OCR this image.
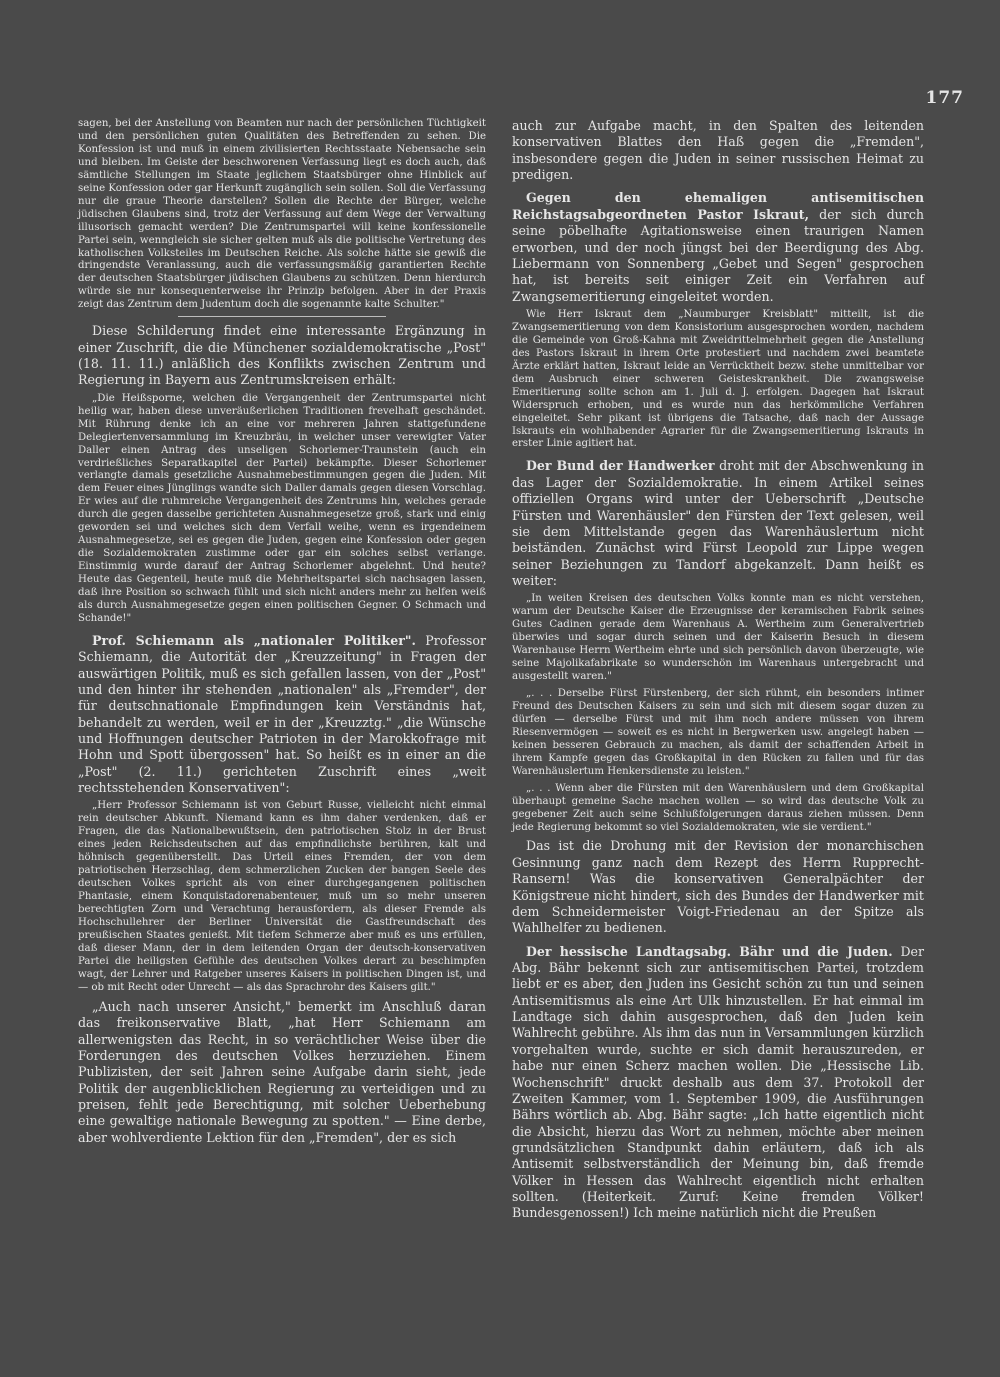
177

sagen, bei der Anstellung von Beamten nur nach der persönlichen Tüchtigkeit und den persönlichen guten Qualitäten des Betreffenden zu sehen. Die Konfession ist und muß in einem zivilisierten Rechtsstaate Nebensache sein und bleiben. Im Geiste der beschworenen Verfassung liegt es doch auch, daß sämtliche Stellungen im Staate jeglichem Staatsbürger ohne Hinblick auf seine Konfession oder gar Herkunft zugänglich sein sollen. Soll die Verfassung nur die graue Theorie darstellen? Sollen die Rechte der Bürger, welche jüdischen Glaubens sind, trotz der Verfassung auf dem Wege der Verwaltung illusorisch gemacht werden? Die Zentrumspartei will keine konfessionelle Partei sein, wenngleich sie sicher gelten muß als die politische Vertretung des katholischen Volksteiles im Deutschen Reiche. Als solche hätte sie gewiß die dringendste Veranlassung, auch die verfassungsmäßig garantierten Rechte der deutschen Staatsbürger jüdischen Glaubens zu schützen. Denn hierdurch würde sie nur konsequenterweise ihr Prinzip befolgen. Aber in der Praxis zeigt das Zentrum dem Judentum doch die sogenannte kalte Schulter."

Diese Schilderung findet eine interessante Ergänzung in einer Zuschrift, die die Münchener sozialdemokratische „Post" (18. 11. 11.) anläßlich des Konflikts zwischen Zentrum und Regierung in Bayern aus Zentrumskreisen erhält:

„Die Heißsporne, welchen die Vergangenheit der Zentrumspartei nicht heilig war, haben diese unveräußerlichen Traditionen frevelhaft geschändet. Mit Rührung denke ich an eine vor mehreren Jahren stattgefundene Delegiertenversammlung im Kreuzbräu, in welcher unser verewigter Vater Daller einen Antrag des unseligen Schorlemer-Traunstein (auch ein verdrießliches Separatkapitel der Partei) bekämpfte. Dieser Schorlemer verlangte damals gesetzliche Ausnahmebestimmungen gegen die Juden. Mit dem Feuer eines Jünglings wandte sich Daller damals gegen diesen Vorschlag. Er wies auf die ruhmreiche Vergangenheit des Zentrums hin, welches gerade durch die gegen dasselbe gerichteten Ausnahmegesetze groß, stark und einig geworden sei und welches sich dem Verfall weihe, wenn es irgendeinem Ausnahmegesetze, sei es gegen die Juden, gegen eine Konfession oder gegen die Sozialdemokraten zustimme oder gar ein solches selbst verlange. Einstimmig wurde darauf der Antrag Schorlemer abgelehnt. Und heute? Heute das Gegenteil, heute muß die Mehrheitspartei sich nachsagen lassen, daß ihre Position so schwach fühlt und sich nicht anders mehr zu helfen weiß als durch Ausnahmegesetze gegen einen politischen Gegner. O Schmach und Schande!"

Prof. Schiemann als „nationaler Politiker". Professor Schiemann, die Autorität der „Kreuzzeitung" in Fragen der auswärtigen Politik, muß es sich gefallen lassen, von der „Post" und den hinter ihr stehenden „nationalen" als „Fremder", der für deutschnationale Empfindungen kein Verständnis hat, behandelt zu werden, weil er in der „Kreuzztg." „die Wünsche und Hoffnungen deutscher Patrioten in der Marokkofrage mit Hohn und Spott übergossen" hat. So heißt es in einer an die „Post" (2. 11.) gerichteten Zuschrift eines „weit rechtsstehenden Konservativen":

„Herr Professor Schiemann ist von Geburt Russe, vielleicht nicht einmal rein deutscher Abkunft. Niemand kann es ihm daher verdenken, daß er Fragen, die das Nationalbewußtsein, den patriotischen Stolz in der Brust eines jeden Reichsdeutschen auf das empfindlichste berühren, kalt und höhnisch gegenüberstellt. Das Urteil eines Fremden, der von dem patriotischen Herzschlag, dem schmerzlichen Zucken der bangen Seele des deutschen Volkes spricht als von einer durchgegangenen politischen Phantasie, einem Konquistadorenabenteuer, muß um so mehr unseren berechtigten Zorn und Verachtung herausfordern, als dieser Fremde als Hochschullehrer der Berliner Universität die Gastfreundschaft des preußischen Staates genießt. Mit tiefem Schmerze aber muß es uns erfüllen, daß dieser Mann, der in dem leitenden Organ der deutsch-konservativen Partei die heiligsten Gefühle des deutschen Volkes derart zu beschimpfen wagt, der Lehrer und Ratgeber unseres Kaisers in politischen Dingen ist, und — ob mit Recht oder Unrecht — als das Sprachrohr des Kaisers gilt."

„Auch nach unserer Ansicht," bemerkt im Anschluß daran das freikonservative Blatt, „hat Herr Schiemann am allerwenigsten das Recht, in so verächtlicher Weise über die Forderungen des deutschen Volkes herzuziehen. Einem Publizisten, der seit Jahren seine Aufgabe darin sieht, jede Politik der augenblicklichen Regierung zu verteidigen und zu preisen, fehlt jede Berechtigung, mit solcher Ueberhebung eine gewaltige nationale Bewegung zu spotten." — Eine derbe, aber wohlverdiente Lektion für den „Fremden", der es sich

auch zur Aufgabe macht, in den Spalten des leitenden konservativen Blattes den Haß gegen die „Fremden", insbesondere gegen die Juden in seiner russischen Heimat zu predigen.

Gegen den ehemaligen antisemitischen Reichstagsabgeordneten Pastor Iskraut, der sich durch seine pöbelhafte Agitationsweise einen traurigen Namen erworben, und der noch jüngst bei der Beerdigung des Abg. Liebermann von Sonnenberg „Gebet und Segen" gesprochen hat, ist bereits seit einiger Zeit ein Verfahren auf Zwangsemeritierung eingeleitet worden.

Wie Herr Iskraut dem „Naumburger Kreisblatt" mitteilt, ist die Zwangsemeritierung von dem Konsistorium ausgesprochen worden, nachdem die Gemeinde von Groß-Kahna mit Zweidrittelmehrheit gegen die Anstellung des Pastors Iskraut in ihrem Orte protestiert und nachdem zwei beamtete Ärzte erklärt hatten, Iskraut leide an Verrücktheit bezw. stehe unmittelbar vor dem Ausbruch einer schweren Geisteskrankheit. Die zwangsweise Emeritierung sollte schon am 1. Juli d. J. erfolgen. Dagegen hat Iskraut Widerspruch erhoben, und es wurde nun das herkömmliche Verfahren eingeleitet. Sehr pikant ist übrigens die Tatsache, daß nach der Aussage Iskrauts ein wohlhabender Agrarier für die Zwangsemeritierung Iskrauts in erster Linie agitiert hat.

Der Bund der Handwerker droht mit der Abschwenkung in das Lager der Sozialdemokratie. In einem Artikel seines offiziellen Organs wird unter der Ueberschrift „Deutsche Fürsten und Warenhäusler" den Fürsten der Text gelesen, weil sie dem Mittelstande gegen das Warenhäuslertum nicht beiständen. Zunächst wird Fürst Leopold zur Lippe wegen seiner Beziehungen zu Tandorf abgekanzelt. Dann heißt es weiter:

„In weiten Kreisen des deutschen Volks konnte man es nicht verstehen, warum der Deutsche Kaiser die Erzeugnisse der keramischen Fabrik seines Gutes Cadinen gerade dem Warenhaus A. Wertheim zum Generalvertrieb überwies und sogar durch seinen und der Kaiserin Besuch in diesem Warenhause Herrn Wertheim ehrte und sich persönlich davon überzeugte, wie seine Majolikafabrikate so wunderschön im Warenhaus untergebracht und ausgestellt waren."

„. . . Derselbe Fürst Fürstenberg, der sich rühmt, ein besonders intimer Freund des Deutschen Kaisers zu sein und sich mit diesem sogar duzen zu dürfen — derselbe Fürst und mit ihm noch andere müssen von ihrem Riesenvermögen — soweit es es nicht in Bergwerken usw. angelegt haben — keinen besseren Gebrauch zu machen, als damit der schaffenden Arbeit in ihrem Kampfe gegen das Großkapital in den Rücken zu fallen und für das Warenhäuslertum Henkersdienste zu leisten."

„. . . Wenn aber die Fürsten mit den Warenhäuslern und dem Großkapital überhaupt gemeine Sache machen wollen — so wird das deutsche Volk zu gegebener Zeit auch seine Schlußfolgerungen daraus ziehen müssen. Denn jede Regierung bekommt so viel Sozialdemokraten, wie sie verdient."

Das ist die Drohung mit der Revision der monarchischen Gesinnung ganz nach dem Rezept des Herrn Rupprecht-Ransern! Was die konservativen Generalpächter der Königstreue nicht hindert, sich des Bundes der Handwerker mit dem Schneidermeister Voigt-Friedenau an der Spitze als Wahlhelfer zu bedienen.

Der hessische Landtagsabg. Bähr und die Juden. Der Abg. Bähr bekennt sich zur antisemitischen Partei, trotzdem liebt er es aber, den Juden ins Gesicht schön zu tun und seinen Antisemitismus als eine Art Ulk hinzustellen. Er hat einmal im Landtage sich dahin ausgesprochen, daß den Juden kein Wahlrecht gebühre. Als ihm das nun in Versammlungen kürzlich vorgehalten wurde, suchte er sich damit herauszureden, er habe nur einen Scherz machen wollen. Die „Hessische Lib. Wochenschrift" druckt deshalb aus dem 37. Protokoll der Zweiten Kammer, vom 1. September 1909, die Ausführungen Bährs wörtlich ab. Abg. Bähr sagte: „Ich hatte eigentlich nicht die Absicht, hierzu das Wort zu nehmen, möchte aber meinen grundsätzlichen Standpunkt dahin erläutern, daß ich als Antisemit selbstverständlich der Meinung bin, daß fremde Völker in Hessen das Wahlrecht eigentlich nicht erhalten sollten. (Heiterkeit. Zuruf: Keine fremden Völker! Bundesgenossen!) Ich meine natürlich nicht die Preußen
